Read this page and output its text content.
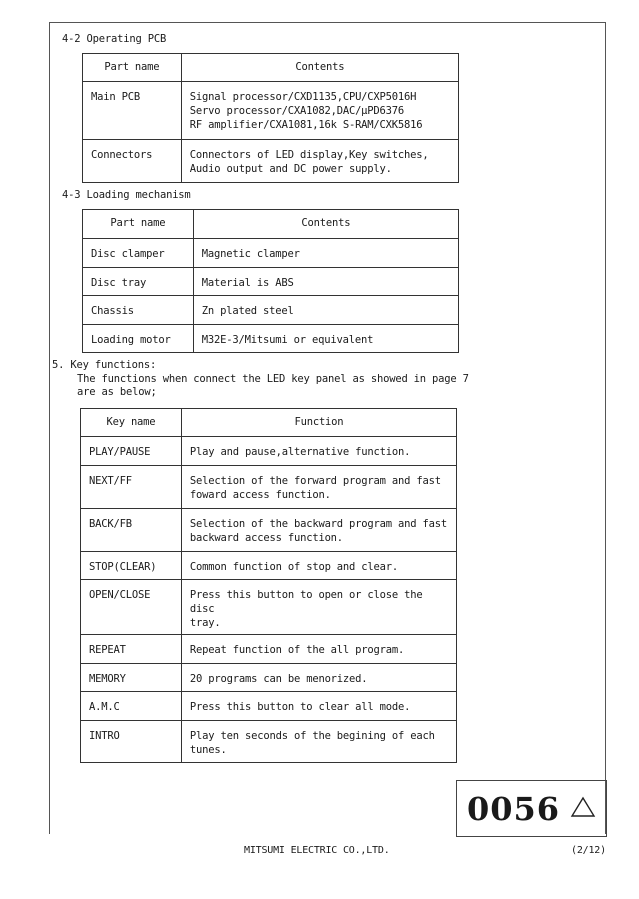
4-2 Operating PCB
Part name	Contents

Main PCB	Signal processor/CXD1135,CPU/CXP5016H
Servo processor/CXA1082,DAC/μPD6376
RF amplifier/CXA1081,16k S-RAM/CXK5816

Connectors	Connectors of LED display,Key switches,
Audio output and DC power supply.
4-3 Loading mechanism
Part name	Contents

Disc clamper	Magnetic clamper

Disc tray	Material is ABS

Chassis	Zn plated steel

Loading motor	M32E-3/Mitsumi or equivalent
5. Key functions:
The functions when connect the LED key panel as showed in page 7
are as below;
Key name	Function

PLAY/PAUSE	Play and pause,alternative function.

NEXT/FF	Selection of the forward program and fast
foward access function.

BACK/FB	Selection of the backward program and fast
backward access function.

STOP(CLEAR)	Common function of stop and clear.

OPEN/CLOSE	Press this button to open or close the disc
tray.

REPEAT	Repeat function of the all program.

MEMORY	20 programs can be menorized.

A.M.C	Press this button to clear all mode.

INTRO	Play ten seconds of the begining of each
tunes.
0056
MITSUMI ELECTRIC CO.,LTD.	(2/12)
